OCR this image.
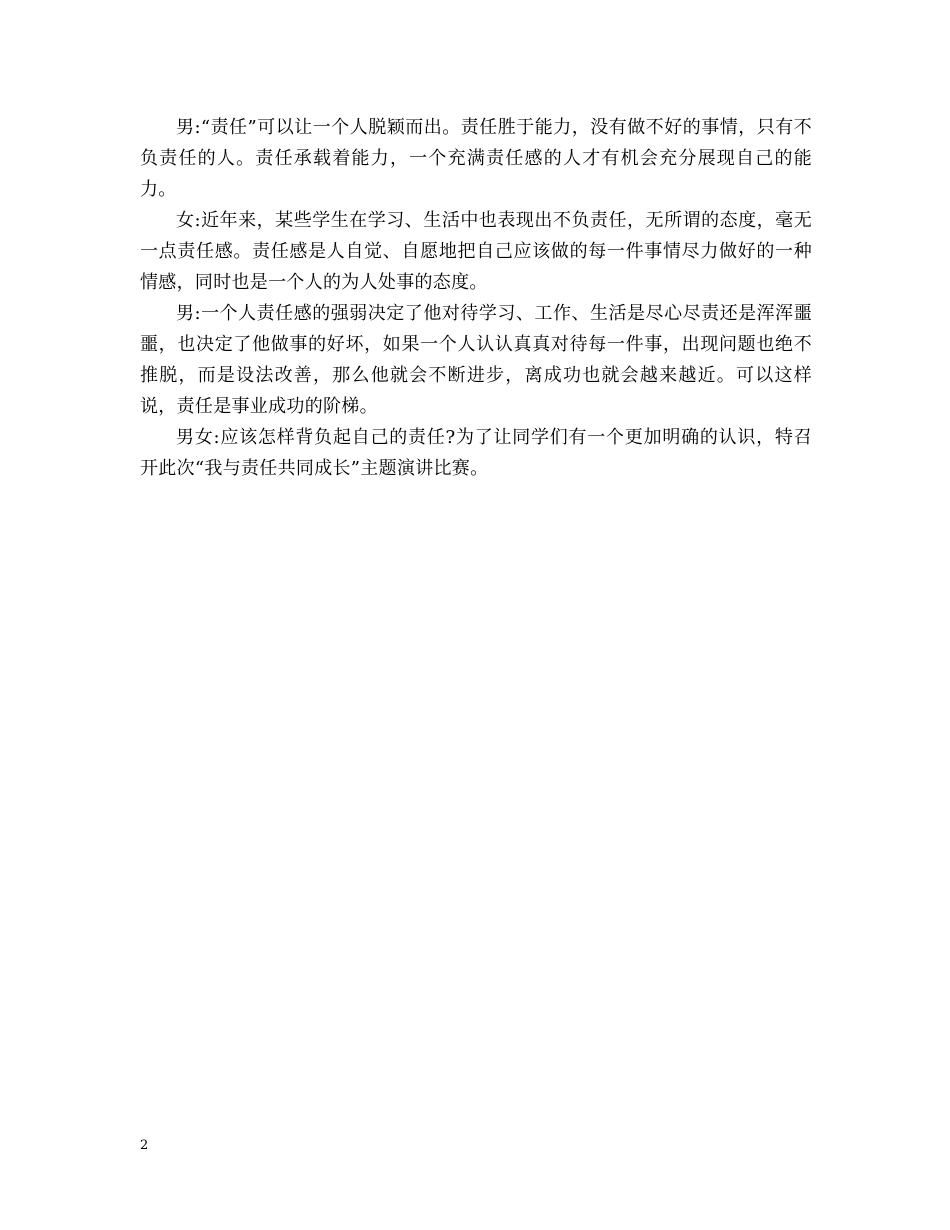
男:“责任”可以让一个人脱颖而出。责任胜于能力，没有做不好的事情，只有不负责任的人。责任承载着能力，一个充满责任感的人才有机会充分展现自己的能力。

女:近年来，某些学生在学习、生活中也表现出不负责任，无所谓的态度，毫无一点责任感。责任感是人自觉、自愿地把自己应该做的每一件事情尽力做好的一种情感，同时也是一个人的为人处事的态度。

男:一个人责任感的强弱决定了他对待学习、工作、生活是尽心尽责还是浑浑噩噩，也决定了他做事的好坏，如果一个人认认真真对待每一件事，出现问题也绝不推脱，而是设法改善，那么他就会不断进步，离成功也就会越来越近。可以这样说，责任是事业成功的阶梯。

男女:应该怎样背负起自己的责任?为了让同学们有一个更加明确的认识，特召开此次“我与责任共同成长”主题演讲比赛。

2
